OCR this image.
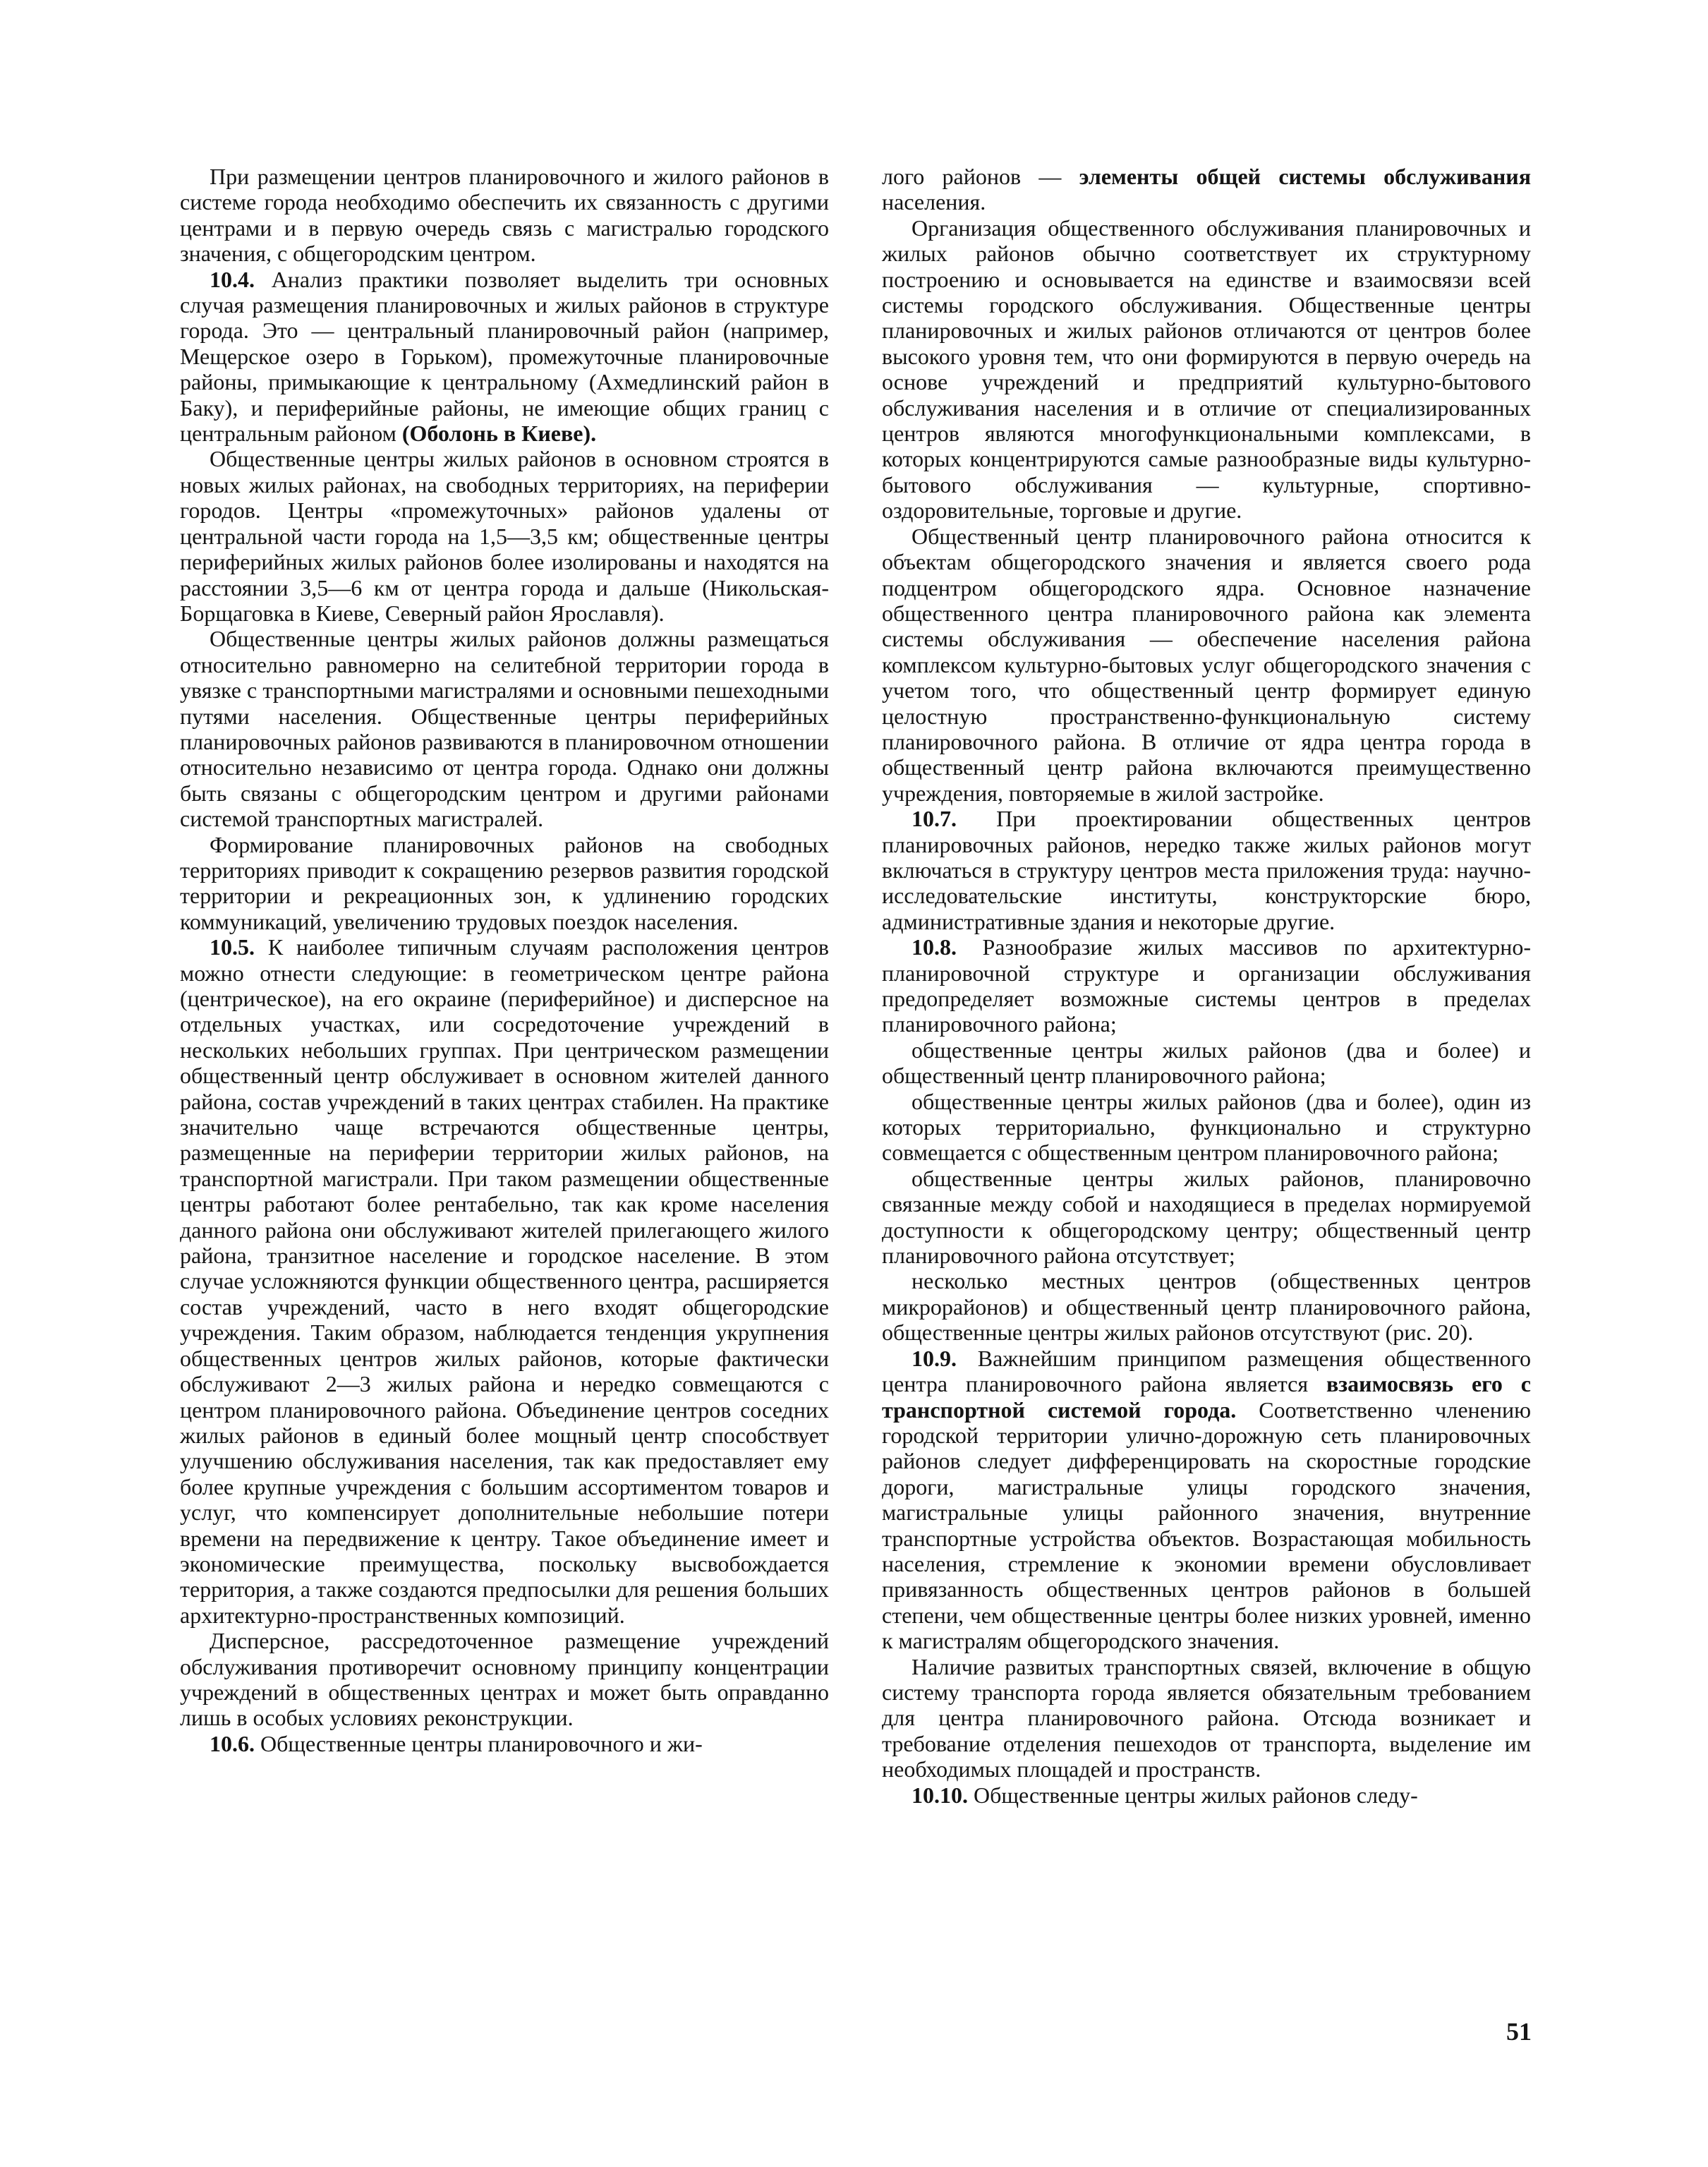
При размещении центров планировочного и жилого районов в системе города необходимо обеспечить их связанность с другими центрами и в первую очередь связь с магистралью городского значения, с общегородским центром.

10.4. Анализ практики позволяет выделить три основных случая размещения планировочных и жилых районов в структуре города. Это — центральный планировочный район (например, Мещерское озеро в Горьком), промежуточные планировочные районы, примыкающие к центральному (Ахмедлинский район в Баку), и периферийные районы, не имеющие общих границ с центральным районом (Оболонь в Киеве).

Общественные центры жилых районов в основном строятся в новых жилых районах, на свободных территориях, на периферии городов. Центры «промежуточных» районов удалены от центральной части города на 1,5—3,5 км; общественные центры периферийных жилых районов более изолированы и находятся на расстоянии 3,5—6 км от центра города и дальше (Никольская-Борщаговка в Киеве, Северный район Ярославля).

Общественные центры жилых районов должны размещаться относительно равномерно на селитебной территории города в увязке с транспортными магистралями и основными пешеходными путями населения. Общественные центры периферийных планировочных районов развиваются в планировочном отношении относительно независимо от центра города. Однако они должны быть связаны с общегородским центром и другими районами системой транспортных магистралей.

Формирование планировочных районов на свободных территориях приводит к сокращению резервов развития городской территории и рекреационных зон, к удлинению городских коммуникаций, увеличению трудовых поездок населения.

10.5. К наиболее типичным случаям расположения центров можно отнести следующие: в геометрическом центре района (центрическое), на его окраине (периферийное) и дисперсное на отдельных участках, или сосредоточение учреждений в нескольких небольших группах. При центрическом размещении общественный центр обслуживает в основном жителей данного района, состав учреждений в таких центрах стабилен. На практике значительно чаще встречаются общественные центры, размещенные на периферии территории жилых районов, на транспортной магистрали. При таком размещении общественные центры работают более рентабельно, так как кроме населения данного района они обслуживают жителей прилегающего жилого района, транзитное население и городское население. В этом случае усложняются функции общественного центра, расширяется состав учреждений, часто в него входят общегородские учреждения. Таким образом, наблюдается тенденция укрупнения общественных центров жилых районов, которые фактически обслуживают 2—3 жилых района и нередко совмещаются с центром планировочного района. Объединение центров соседних жилых районов в единый более мощный центр способствует улучшению обслуживания населения, так как предоставляет ему более крупные учреждения с большим ассортиментом товаров и услуг, что компенсирует дополнительные небольшие потери времени на передвижение к центру. Такое объединение имеет и экономические преимущества, поскольку высвобождается территория, а также создаются предпосылки для решения больших архитектурно-пространственных композиций.

Дисперсное, рассредоточенное размещение учреждений обслуживания противоречит основному принципу концентрации учреждений в общественных центрах и может быть оправданно лишь в особых условиях реконструкции.

10.6. Общественные центры планировочного и жи-

лого районов — элементы общей системы обслуживания населения.

Организация общественного обслуживания планировочных и жилых районов обычно соответствует их структурному построению и основывается на единстве и взаимосвязи всей системы городского обслуживания. Общественные центры планировочных и жилых районов отличаются от центров более высокого уровня тем, что они формируются в первую очередь на основе учреждений и предприятий культурно-бытового обслуживания населения и в отличие от специализированных центров являются многофункциональными комплексами, в которых концентрируются самые разнообразные виды культурно-бытового обслуживания — культурные, спортивно-оздоровительные, торговые и другие.

Общественный центр планировочного района относится к объектам общегородского значения и является своего рода подцентром общегородского ядра. Основное назначение общественного центра планировочного района как элемента системы обслуживания — обеспечение населения района комплексом культурно-бытовых услуг общегородского значения с учетом того, что общественный центр формирует единую целостную пространственно-функциональную систему планировочного района. В отличие от ядра центра города в общественный центр района включаются преимущественно учреждения, повторяемые в жилой застройке.

10.7. При проектировании общественных центров планировочных районов, нередко также жилых районов могут включаться в структуру центров места приложения труда: научно-исследовательские институты, конструкторские бюро, административные здания и некоторые другие.

10.8. Разнообразие жилых массивов по архитектурно-планировочной структуре и организации обслуживания предопределяет возможные системы центров в пределах планировочного района;

общественные центры жилых районов (два и более) и общественный центр планировочного района;

общественные центры жилых районов (два и более), один из которых территориально, функционально и структурно совмещается с общественным центром планировочного района;

общественные центры жилых районов, планировочно связанные между собой и находящиеся в пределах нормируемой доступности к общегородскому центру; общественный центр планировочного района отсутствует;

несколько местных центров (общественных центров микрорайонов) и общественный центр планировочного района, общественные центры жилых районов отсутствуют (рис. 20).

10.9. Важнейшим принципом размещения общественного центра планировочного района является взаимосвязь его с транспортной системой города. Соответственно членению городской территории улично-дорожную сеть планировочных районов следует дифференцировать на скоростные городские дороги, магистральные улицы городского значения, магистральные улицы районного значения, внутренние транспортные устройства объектов. Возрастающая мобильность населения, стремление к экономии времени обусловливает привязанность общественных центров районов в большей степени, чем общественные центры более низких уровней, именно к магистралям общегородского значения.

Наличие развитых транспортных связей, включение в общую систему транспорта города является обязательным требованием для центра планировочного района. Отсюда возникает и требование отделения пешеходов от транспорта, выделение им необходимых площадей и пространств.

10.10. Общественные центры жилых районов следу-

51
